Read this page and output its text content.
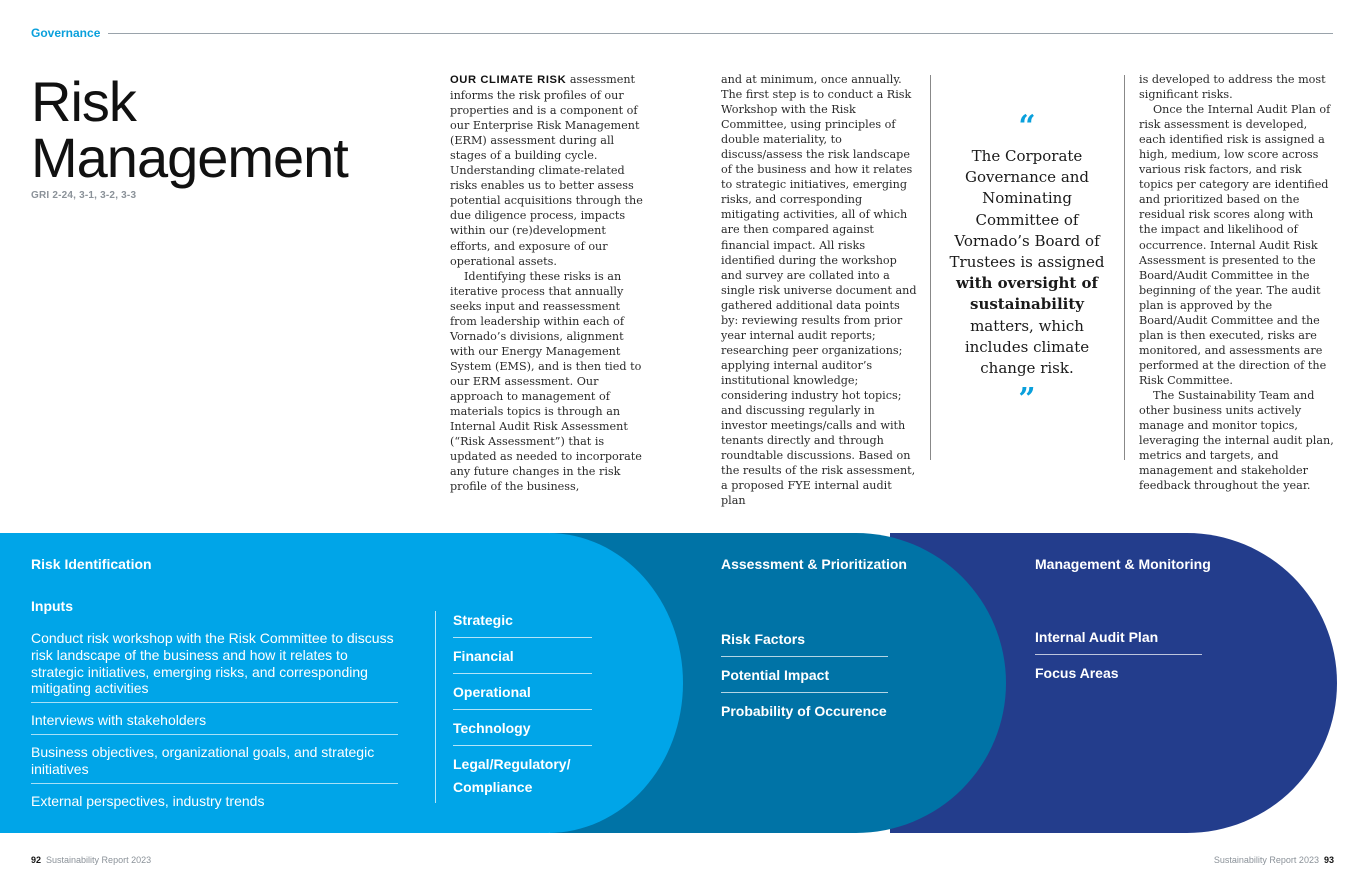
Governance
Risk
Management
GRI 2-24, 3-1, 3-2, 3-3

OUR CLIMATE RISK assessment informs the risk profiles of our properties and is a component of our Enterprise Risk Management (ERM) assessment during all stages of a building cycle. Understanding climate-related risks enables us to better assess potential acquisitions through the due diligence process, impacts within our (re)development efforts, and exposure of our operational assets.

Identifying these risks is an iterative process that annually seeks input and reassessment from leadership within each of Vornado’s divisions, alignment with our Energy Management System (EMS), and is then tied to our ERM assessment. Our approach to management of materials topics is through an Internal Audit Risk Assessment (“Risk Assessment”) that is updated as needed to incorporate any future changes in the risk profile of the business,

and at minimum, once annually. The first step is to conduct a Risk Workshop with the Risk Committee, using principles of double materiality, to discuss/assess the risk landscape of the business and how it relates to strategic initiatives, emerging risks, and corresponding mitigating activities, all of which are then compared against financial impact. All risks identified during the workshop and survey are collated into a single risk universe document and gathered additional data points by: reviewing results from prior year internal audit reports; researching peer organizations; applying internal auditor’s institutional knowledge; considering industry hot topics; and discussing regularly in investor meetings/calls and with tenants directly and through roundtable discussions. Based on the results of the risk assessment, a proposed FYE internal audit plan

“
The Corporate Governance and Nominating Committee of Vornado’s Board of Trustees is assigned with oversight of sustainability matters, which includes climate change risk.
”

is developed to address the most significant risks.

Once the Internal Audit Plan of risk assessment is developed, each identified risk is assigned a high, medium, low score across various risk factors, and risk topics per category are identified and prioritized based on the residual risk scores along with the impact and likelihood of occurrence. Internal Audit Risk Assessment is presented to the Board/Audit Committee in the beginning of the year. The audit plan is approved by the Board/Audit Committee and the plan is then executed, risks are monitored, and assessments are performed at the direction of the Risk Committee.

The Sustainability Team and other business units actively manage and monitor topics, leveraging the internal audit plan, metrics and targets, and management and stakeholder feedback throughout the year.

Risk Identification
Inputs
Conduct risk workshop with the Risk Committee to discuss risk landscape of the business and how it relates to strategic initiatives, emerging risks, and corresponding mitigating activities
Interviews with stakeholders
Business objectives, organizational goals, and strategic initiatives
External perspectives, industry trends
Strategic
Financial
Operational
Technology
Legal/Regulatory/ Compliance
Assessment & Prioritization
Risk Factors
Potential Impact
Probability of Occurence
Management & Monitoring
Internal Audit Plan
Focus Areas
92 Sustainability Report 2023	Sustainability Report 2023 93
